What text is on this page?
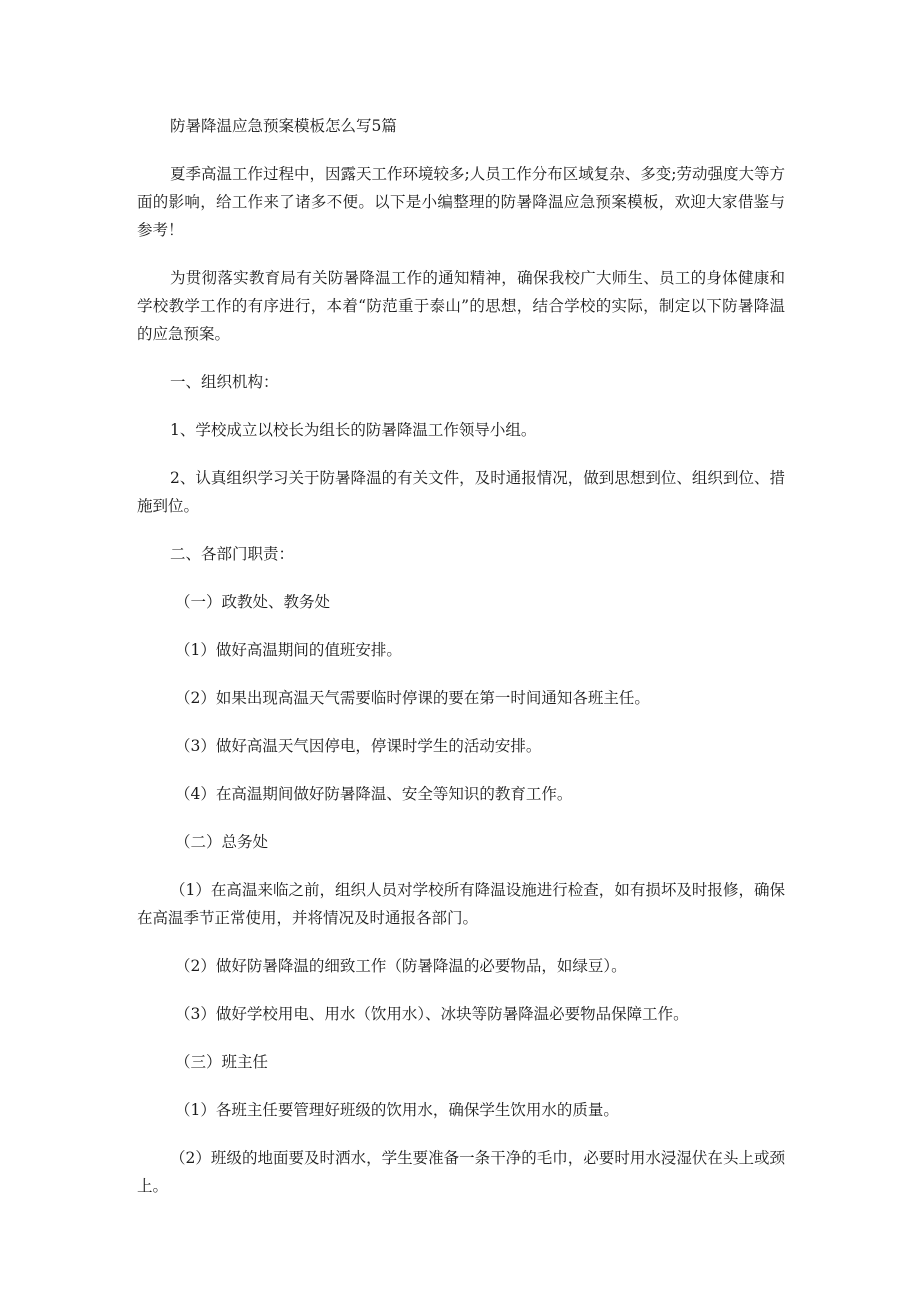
防暑降温应急预案模板怎么写5篇

夏季高温工作过程中，因露天工作环境较多;人员工作分布区域复杂、多变;劳动强度大等方面的影响，给工作来了诸多不便。以下是小编整理的防暑降温应急预案模板，欢迎大家借鉴与参考！

为贯彻落实教育局有关防暑降温工作的通知精神，确保我校广大师生、员工的身体健康和学校教学工作的有序进行，本着“防范重于泰山”的思想，结合学校的实际，制定以下防暑降温的应急预案。

一、组织机构：

1、学校成立以校长为组长的防暑降温工作领导小组。

2、认真组织学习关于防暑降温的有关文件，及时通报情况，做到思想到位、组织到位、措施到位。

二、各部门职责：

（一）政教处、教务处

（1）做好高温期间的值班安排。

（2）如果出现高温天气需要临时停课的要在第一时间通知各班主任。

（3）做好高温天气因停电，停课时学生的活动安排。

（4）在高温期间做好防暑降温、安全等知识的教育工作。

（二）总务处

（1）在高温来临之前，组织人员对学校所有降温设施进行检查，如有损坏及时报修，确保在高温季节正常使用，并将情况及时通报各部门。

（2）做好防暑降温的细致工作（防暑降温的必要物品，如绿豆）。

（3）做好学校用电、用水（饮用水）、冰块等防暑降温必要物品保障工作。

（三）班主任

（1）各班主任要管理好班级的饮用水，确保学生饮用水的质量。

（2）班级的地面要及时洒水，学生要准备一条干净的毛巾，必要时用水浸湿伏在头上或颈上。
